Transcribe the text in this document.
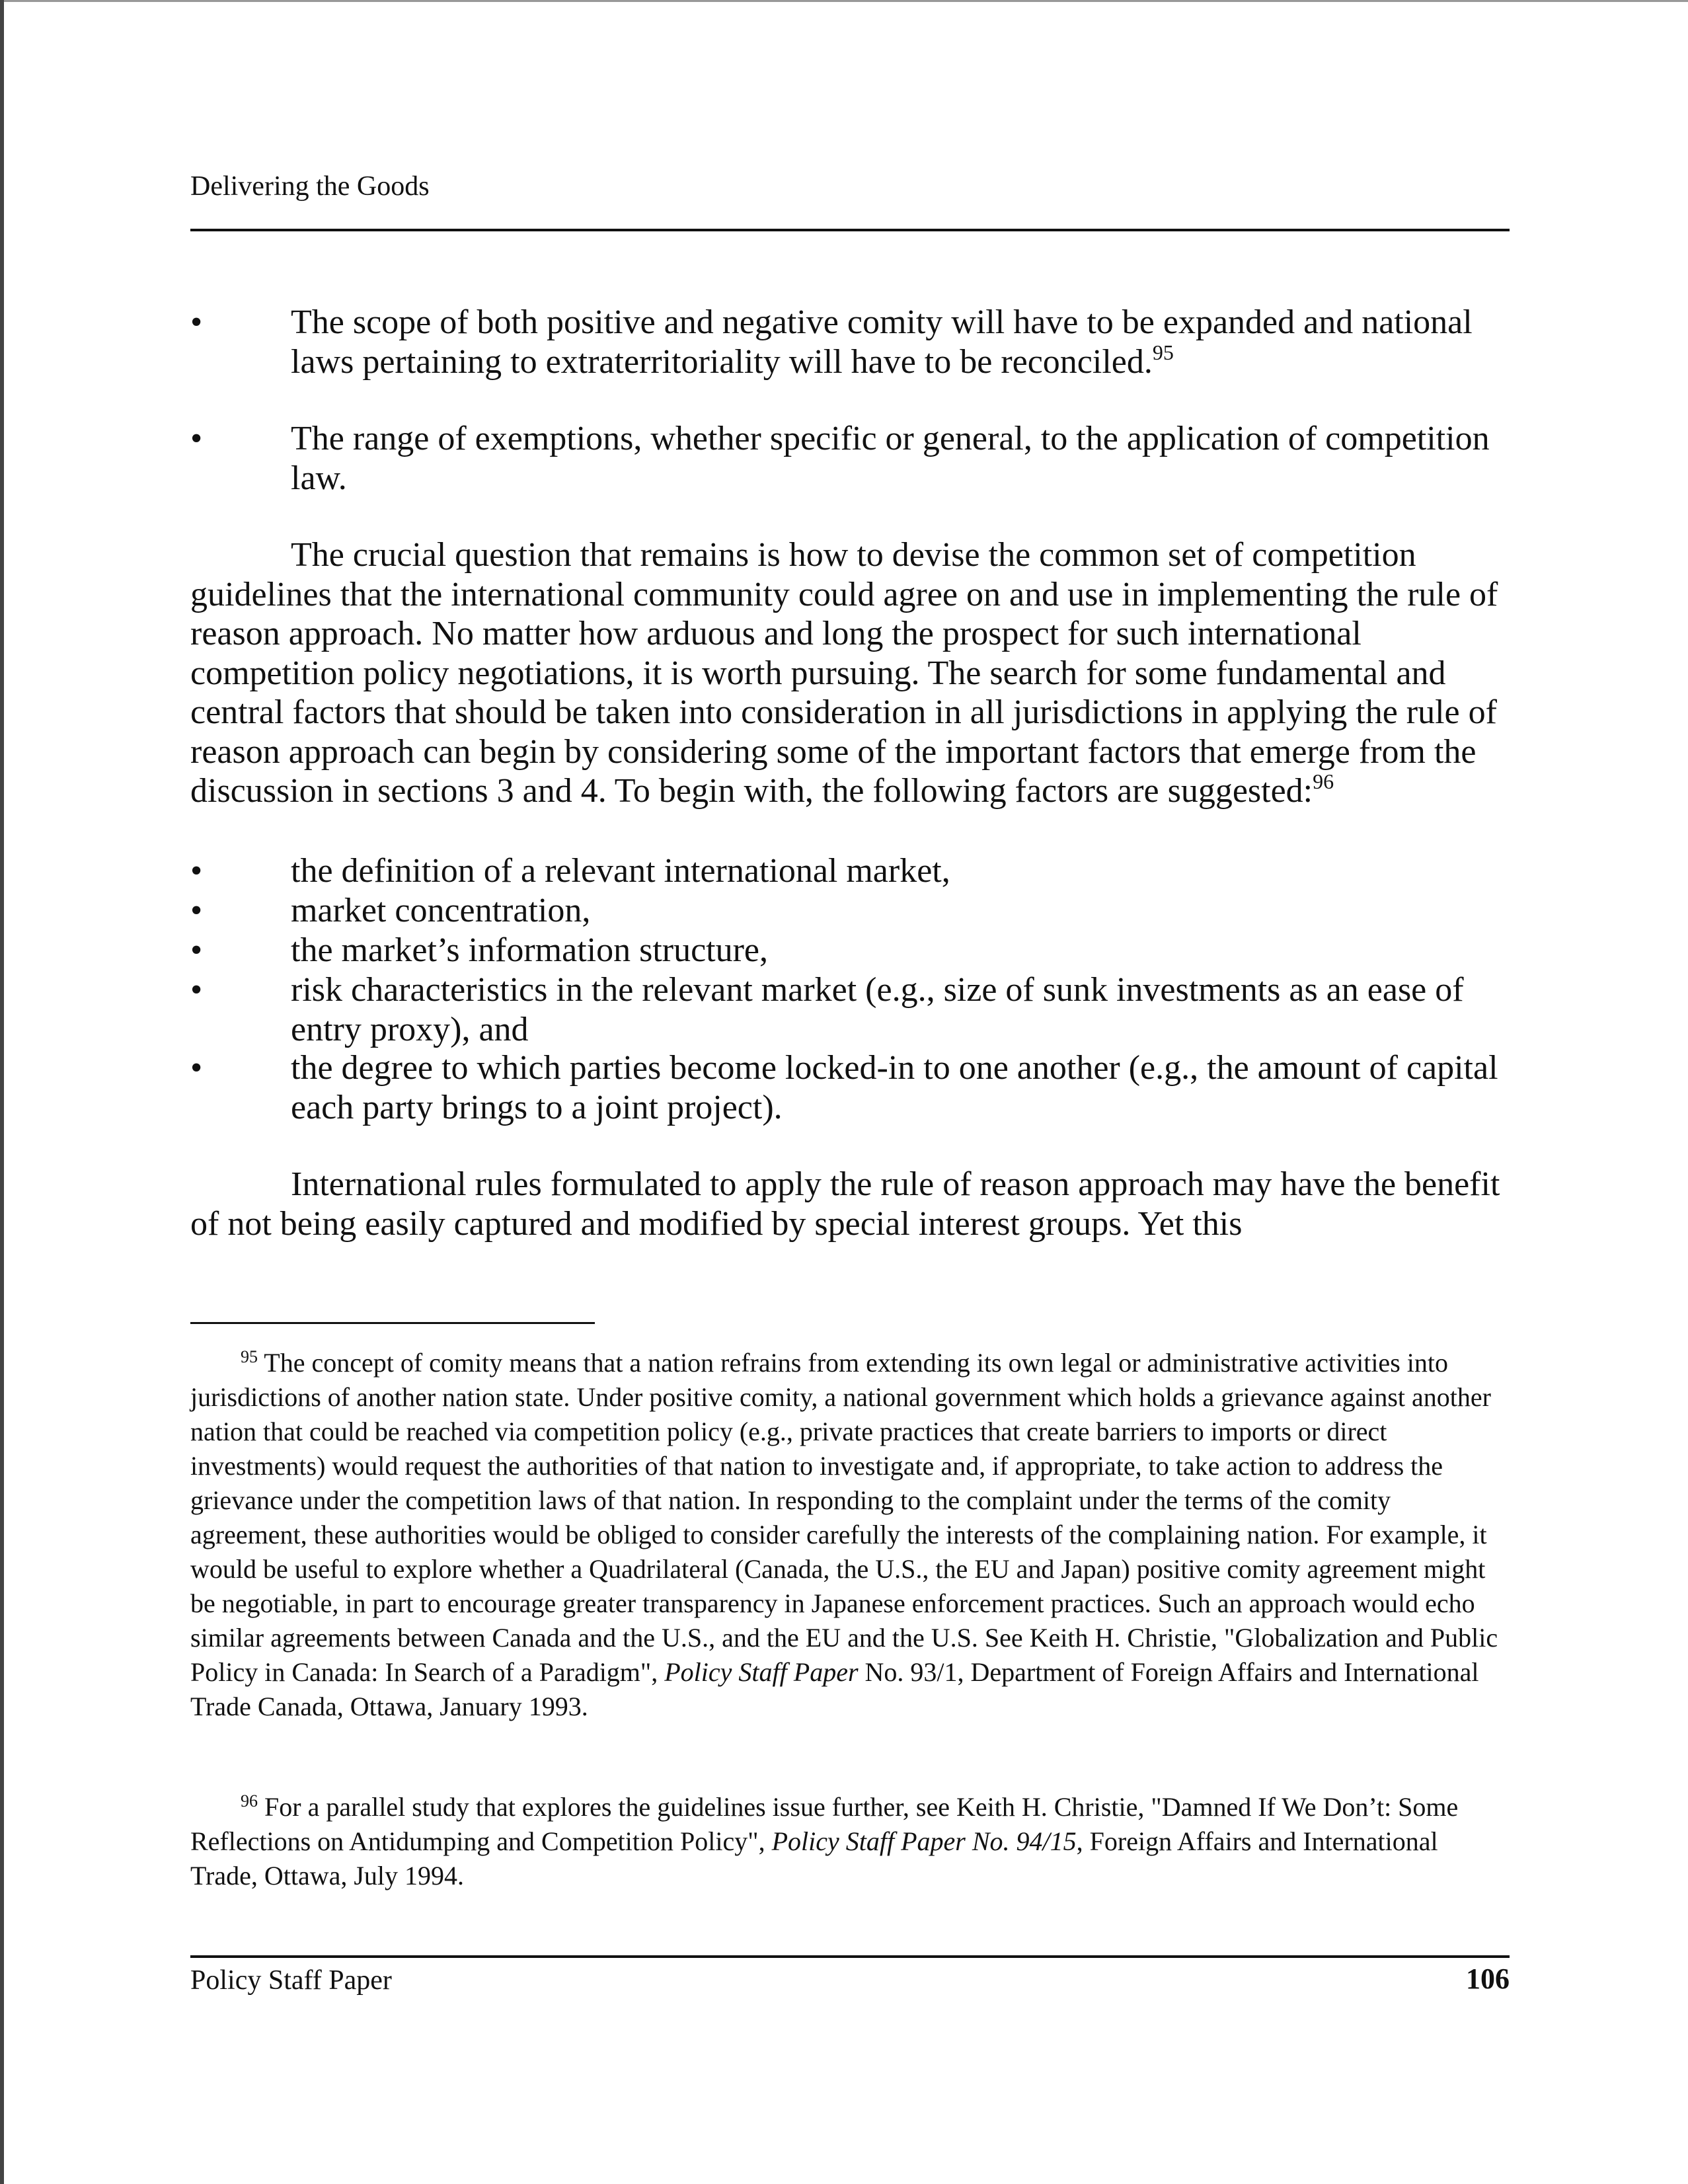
Delivering the Goods
•	The scope of both positive and negative comity will have to be expanded and national laws pertaining to extraterritoriality will have to be reconciled.$^{95}$
•	The range of exemptions, whether specific or general, to the application of competition law.
The crucial question that remains is how to devise the common set of competition guidelines that the international community could agree on and use in implementing the rule of reason approach. No matter how arduous and long the prospect for such international competition policy negotiations, it is worth pursuing. The search for some fundamental and central factors that should be taken into consideration in all jurisdictions in applying the rule of reason approach can begin by considering some of the important factors that emerge from the discussion in sections 3 and 4. To begin with, the following factors are suggested:$^{96}$
•	the definition of a relevant international market,
•	market concentration,
•	the market’s information structure,
•	risk characteristics in the relevant market (e.g., size of sunk investments as an ease of entry proxy), and
•	the degree to which parties become locked-in to one another (e.g., the amount of capital each party brings to a joint project).
International rules formulated to apply the rule of reason approach may have the benefit of not being easily captured and modified by special interest groups. Yet this
$^{95}$ The concept of comity means that a nation refrains from extending its own legal or administrative activities into jurisdictions of another nation state. Under positive comity, a national government which holds a grievance against another nation that could be reached via competition policy (e.g., private practices that create barriers to imports or direct investments) would request the authorities of that nation to investigate and, if appropriate, to take action to address the grievance under the competition laws of that nation. In responding to the complaint under the terms of the comity agreement, these authorities would be obliged to consider carefully the interests of the complaining nation. For example, it would be useful to explore whether a Quadrilateral (Canada, the U.S., the EU and Japan) positive comity agreement might be negotiable, in part to encourage greater transparency in Japanese enforcement practices. Such an approach would echo similar agreements between Canada and the U.S., and the EU and the U.S. See Keith H. Christie, "Globalization and Public Policy in Canada: In Search of a Paradigm", Policy Staff Paper No. 93/1, Department of Foreign Affairs and International Trade Canada, Ottawa, January 1993.
$^{96}$ For a parallel study that explores the guidelines issue further, see Keith H. Christie, "Damned If We Don’t: Some Reflections on Antidumping and Competition Policy", Policy Staff Paper No. 94/15, Foreign Affairs and International Trade, Ottawa, July 1994.
Policy Staff Paper	106
